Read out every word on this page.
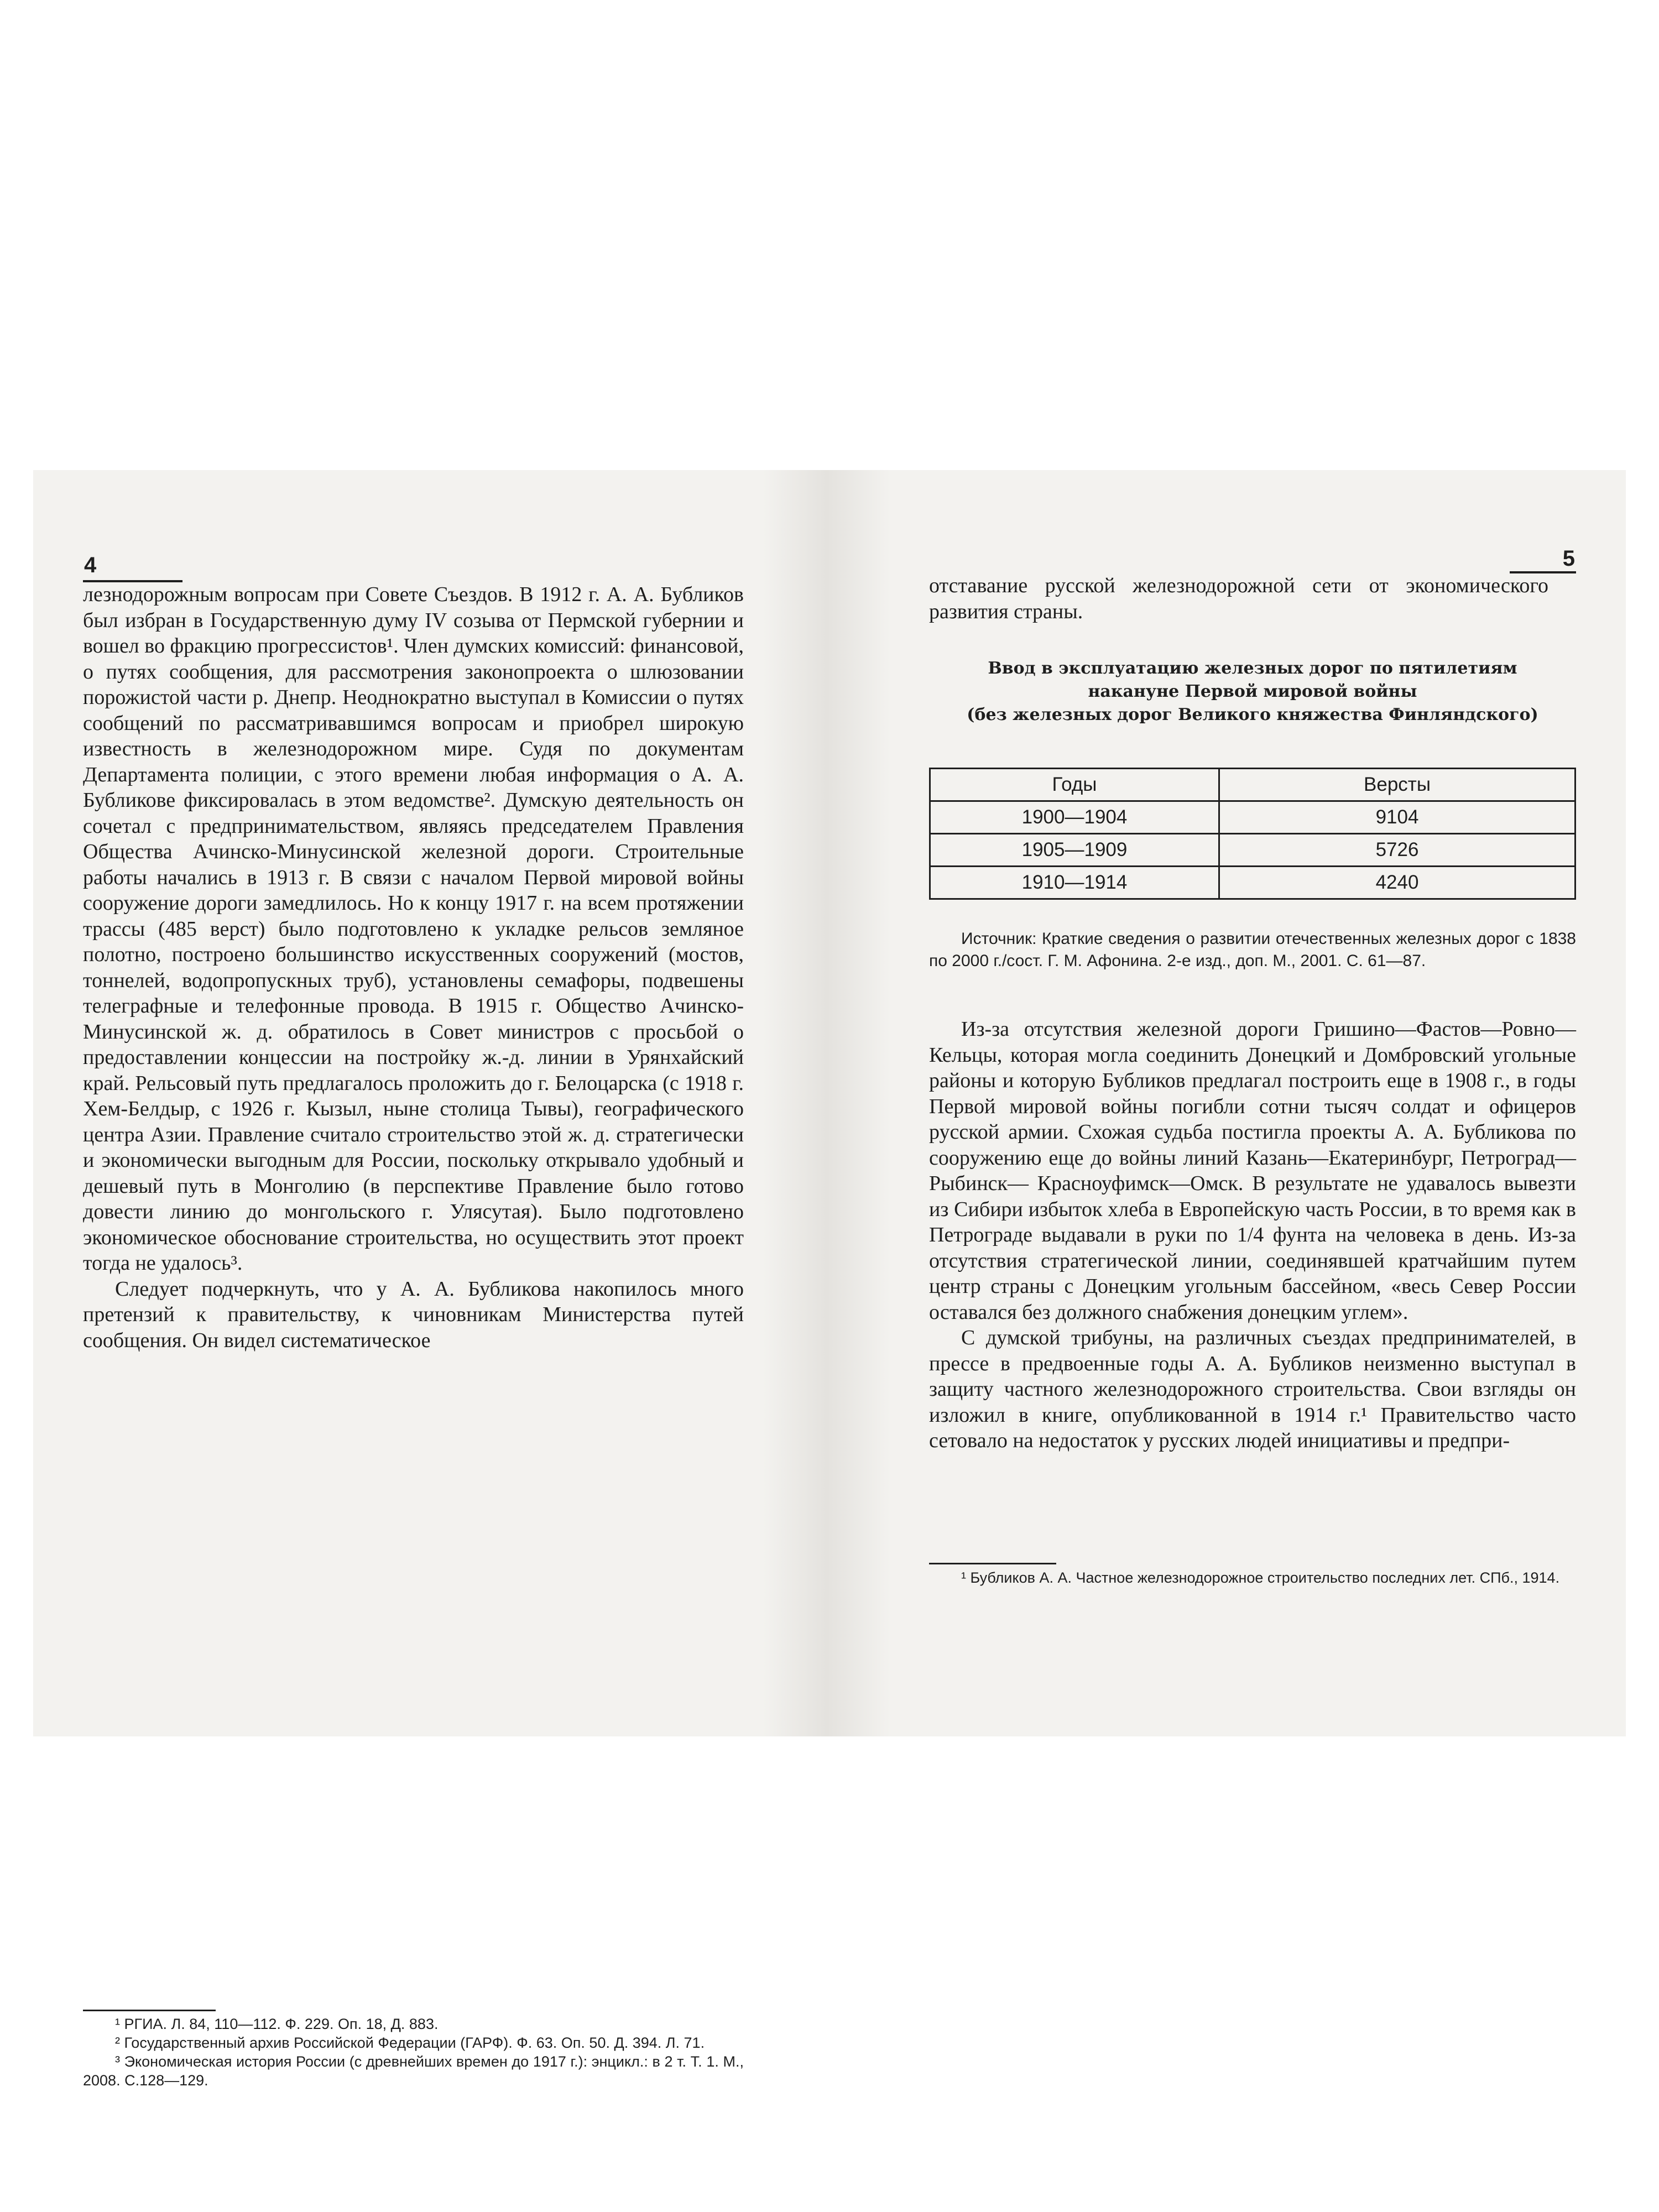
4

лезнодорожным вопросам при Совете Съездов. В 1912 г. А. А. Бубликов был избран в Государственную думу IV созыва от Пермской губернии и вошел во фракцию прогрессистов¹. Член думских комиссий: финансовой, о путях сообщения, для рассмотрения законопроекта о шлюзовании порожистой части р. Днепр. Неоднократно выступал в Комиссии о путях сообщений по рассматривавшимся вопросам и приобрел широкую известность в железнодорожном мире. Судя по документам Департамента полиции, с этого времени любая информация о А. А. Бубликове фиксировалась в этом ведомстве². Думскую деятельность он сочетал с предпринимательством, являясь председателем Правления Общества Ачинско-Минусинской железной дороги. Строительные работы начались в 1913 г. В связи с началом Первой мировой войны сооружение дороги замедлилось. Но к концу 1917 г. на всем протяжении трассы (485 верст) было подготовлено к укладке рельсов земляное полотно, построено большинство искусственных сооружений (мостов, тоннелей, водопропускных труб), установлены семафоры, подвешены телеграфные и телефонные провода. В 1915 г. Общество Ачинско-Минусинской ж. д. обратилось в Совет министров с просьбой о предоставлении концессии на постройку ж.-д. линии в Урянхайский край. Рельсовый путь предлагалось проложить до г. Белоцарска (с 1918 г. Хем-Белдыр, с 1926 г. Кызыл, ныне столица Тывы), географического центра Азии. Правление считало строительство этой ж. д. стратегически и экономически выгодным для России, поскольку открывало удобный и дешевый путь в Монголию (в перспективе Правление было готово довести линию до монгольского г. Улясутая). Было подготовлено экономическое обоснование строительства, но осуществить этот проект тогда не удалось³.

Следует подчеркнуть, что у А. А. Бубликова накопилось много претензий к правительству, к чиновникам Министерства путей сообщения. Он видел систематическое

¹ РГИА. Л. 84, 110—112. Ф. 229. Оп. 18, Д. 883.

² Государственный архив Российской Федерации (ГАРФ). Ф. 63. Оп. 50. Д. 394. Л. 71.

³ Экономическая история России (с древнейших времен до 1917 г.): энцикл.: в 2 т. Т. 1. М., 2008. С.128—129.

5

отставание русской железнодорожной сети от экономического развития страны.

Ввод в эксплуатацию железных дорог по пятилетиям
накануне Первой мировой войны
(без железных дорог Великого княжества Финляндского)
Годы	Версты
1900—1904	9104
1905—1909	5726
1910—1914	4240

Источник: Краткие сведения о развитии отечественных железных дорог с 1838 по 2000 г./сост. Г. М. Афонина. 2-е изд., доп. М., 2001. С. 61—87.

Из-за отсутствия железной дороги Гришино—Фастов—Ровно—Кельцы, которая могла соединить Донецкий и Домбровский угольные районы и которую Бубликов предлагал построить еще в 1908 г., в годы Первой мировой войны погибли сотни тысяч солдат и офицеров русской армии. Схожая судьба постигла проекты А. А. Бубликова по сооружению еще до войны линий Казань—Екатеринбург, Петроград—Рыбинск— Красноуфимск—Омск. В результате не удавалось вывезти из Сибири избыток хлеба в Европейскую часть России, в то время как в Петрограде выдавали в руки по 1/4 фунта на человека в день. Из-за отсутствия стратегической линии, соединявшей кратчайшим путем центр страны с Донецким угольным бассейном, «весь Север России оставался без должного снабжения донецким углем».

С думской трибуны, на различных съездах предпринимателей, в прессе в предвоенные годы А. А. Бубликов неизменно выступал в защиту частного железнодорожного строительства. Свои взгляды он изложил в книге, опубликованной в 1914 г.¹ Правительство часто сетовало на недостаток у русских людей инициативы и предпри-

¹ Бубликов А. А. Частное железнодорожное строительство последних лет. СПб., 1914.
